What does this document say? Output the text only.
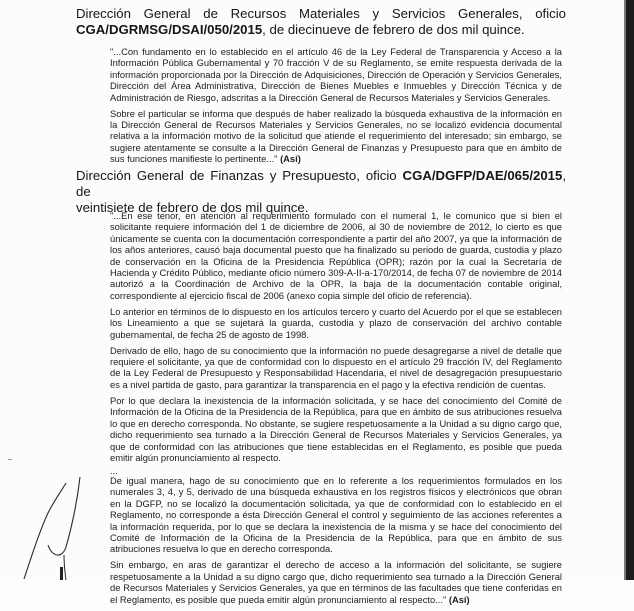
Dirección General de Recursos Materiales y Servicios Generales, oficio
CGA/DGRMSG/DSAI/050/2015, de diecinueve de febrero de dos mil quince.

"...Con fundamento en lo establecido en el artículo 46 de la Ley Federal de Transparencia y Acceso a la Información Pública Gubernamental y 70 fracción V de su Reglamento, se emite respuesta derivada de la información proporcionada por la Dirección de Adquisiciones, Dirección de Operación y Servicios Generales, Dirección del Área Administrativa, Dirección de Bienes Muebles e Inmuebles y Dirección Técnica y de Administración de Riesgo, adscritas a la Dirección General de Recursos Materiales y Servicios Generales.

Sobre el particular se informa que después de haber realizado la búsqueda exhaustiva de la información en la Dirección General de Recursos Materiales y Servicios Generales, no se localizó evidencia documental relativa a la información motivo de la solicitud que atiende el requerimiento del interesado; sin embargo, se sugiere atentamente se consulte a la Dirección General de Finanzas y Presupuesto para que en ámbito de sus funciones manifieste lo pertinente..." (Así)

Dirección General de Finanzas y Presupuesto, oficio CGA/DGFP/DAE/065/2015, de
veintisiete de febrero de dos mil quince.

"...En ese tenor, en atención al requerimiento formulado con el numeral 1, le comunico que si bien el solicitante requiere información del 1 de diciembre de 2006, al 30 de noviembre de 2012, lo cierto es que únicamente se cuenta con la documentación correspondiente a partir del año 2007, ya que la información de los años anteriores, causó baja documental puesto que ha finalizado su periodo de guarda, custodia y plazo de conservación en la Oficina de la Presidencia República (OPR); razón por la cual la Secretaría de Hacienda y Crédito Público, mediante oficio número 309-A-II-a-170/2014, de fecha 07 de noviembre de 2014 autorizó a la Coordinación de Archivo de la OPR, la baja de la documentación contable original, correspondiente al ejercicio fiscal de 2006 (anexo copia simple del oficio de referencia).

Lo anterior en términos de lo dispuesto en los artículos tercero y cuarto del Acuerdo por el que se establecen los Lineamiento a que se sujetará la guarda, custodia y plazo de conservación del archivo contable gubernamental, de fecha 25 de agosto de 1998.

Derivado de ello, hago de su conocimiento que la información no puede desagregarse a nivel de detalle que requiere el solicitante, ya que de conformidad con lo dispuesto en el artículo 29 fracción IV, del Reglamento de la Ley Federal de Presupuesto y Responsabilidad Hacendaria, el nivel de desagregación presupuestario es a nivel partida de gasto, para garantizar la transparencia en el pago y la efectiva rendición de cuentas.

Por lo que declara la inexistencia de la información solicitada, y se hace del conocimiento del Comité de Información de la Oficina de la Presidencia de la República, para que en ámbito de sus atribuciones resuelva lo que en derecho corresponda. No obstante, se sugiere respetuosamente a la Unidad a su digno cargo que, dicho requerimiento sea turnado a la Dirección General de Recursos Materiales y Servicios Generales, ya que de conformidad con las atribuciones que tiene establecidas en el Reglamento, es posible que pueda emitir algún pronunciamiento al respecto.

...

De igual manera, hago de su conocimiento que en lo referente a los requerimientos formulados en los numerales 3, 4, y 5, derivado de una búsqueda exhaustiva en los registros físicos y electrónicos que obran en la DGFP, no se localizó la documentación solicitada, ya que de conformidad con lo establecido en el Reglamento, no corresponde a ésta Dirección General el control y seguimiento de las acciones referentes a la información requerida, por lo que se declara la inexistencia de la misma y se hace del conocimiento del Comité de Información de la Oficina de la Presidencia de la República, para que en ámbito de sus atribuciones resuelva lo que en derecho corresponda.

Sin embargo, en aras de garantizar el derecho de acceso a la información del solicitante, se sugiere respetuosamente a la Unidad a su digno cargo que, dicho requerimiento sea turnado a la Dirección General de Recursos Materiales y Servicios Generales, ya que en términos de las facultades que tiene conferidas en el Reglamento, es posible que pueda emitir algún pronunciamiento al respecto..." (Así)
